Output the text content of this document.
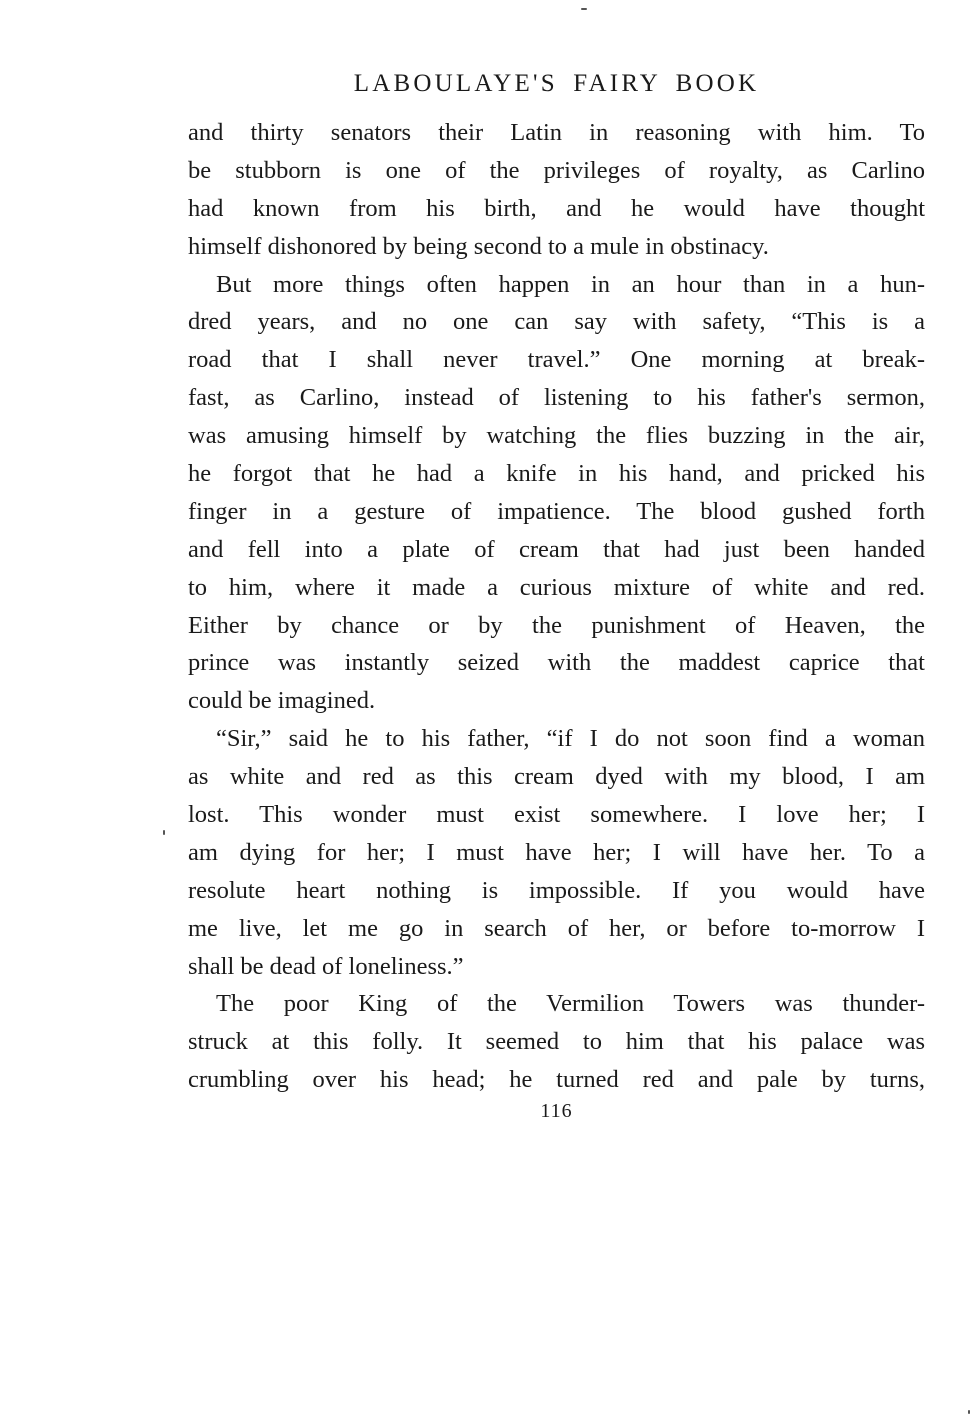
LABOULAYE'S FAIRY BOOK
and thirty senators their Latin in reasoning with him. To
be stubborn is one of the privileges of royalty, as Carlino
had known from his birth, and he would have thought
himself dishonored by being second to a mule in obstinacy.
But more things often happen in an hour than in a hun-
dred years, and no one can say with safety, “This is a
road that I shall never travel.” One morning at break-
fast, as Carlino, instead of listening to his father's sermon,
was amusing himself by watching the flies buzzing in the air,
he forgot that he had a knife in his hand, and pricked his
finger in a gesture of impatience. The blood gushed forth
and fell into a plate of cream that had just been handed
to him, where it made a curious mixture of white and red.
Either by chance or by the punishment of Heaven, the
prince was instantly seized with the maddest caprice that
could be imagined.
“Sir,” said he to his father, “if I do not soon find a woman
as white and red as this cream dyed with my blood, I am
lost. This wonder must exist somewhere. I love her; I
am dying for her; I must have her; I will have her. To a
resolute heart nothing is impossible. If you would have
me live, let me go in search of her, or before to-morrow I
shall be dead of loneliness.”
The poor King of the Vermilion Towers was thunder-
struck at this folly. It seemed to him that his palace was
crumbling over his head; he turned red and pale by turns,

116
